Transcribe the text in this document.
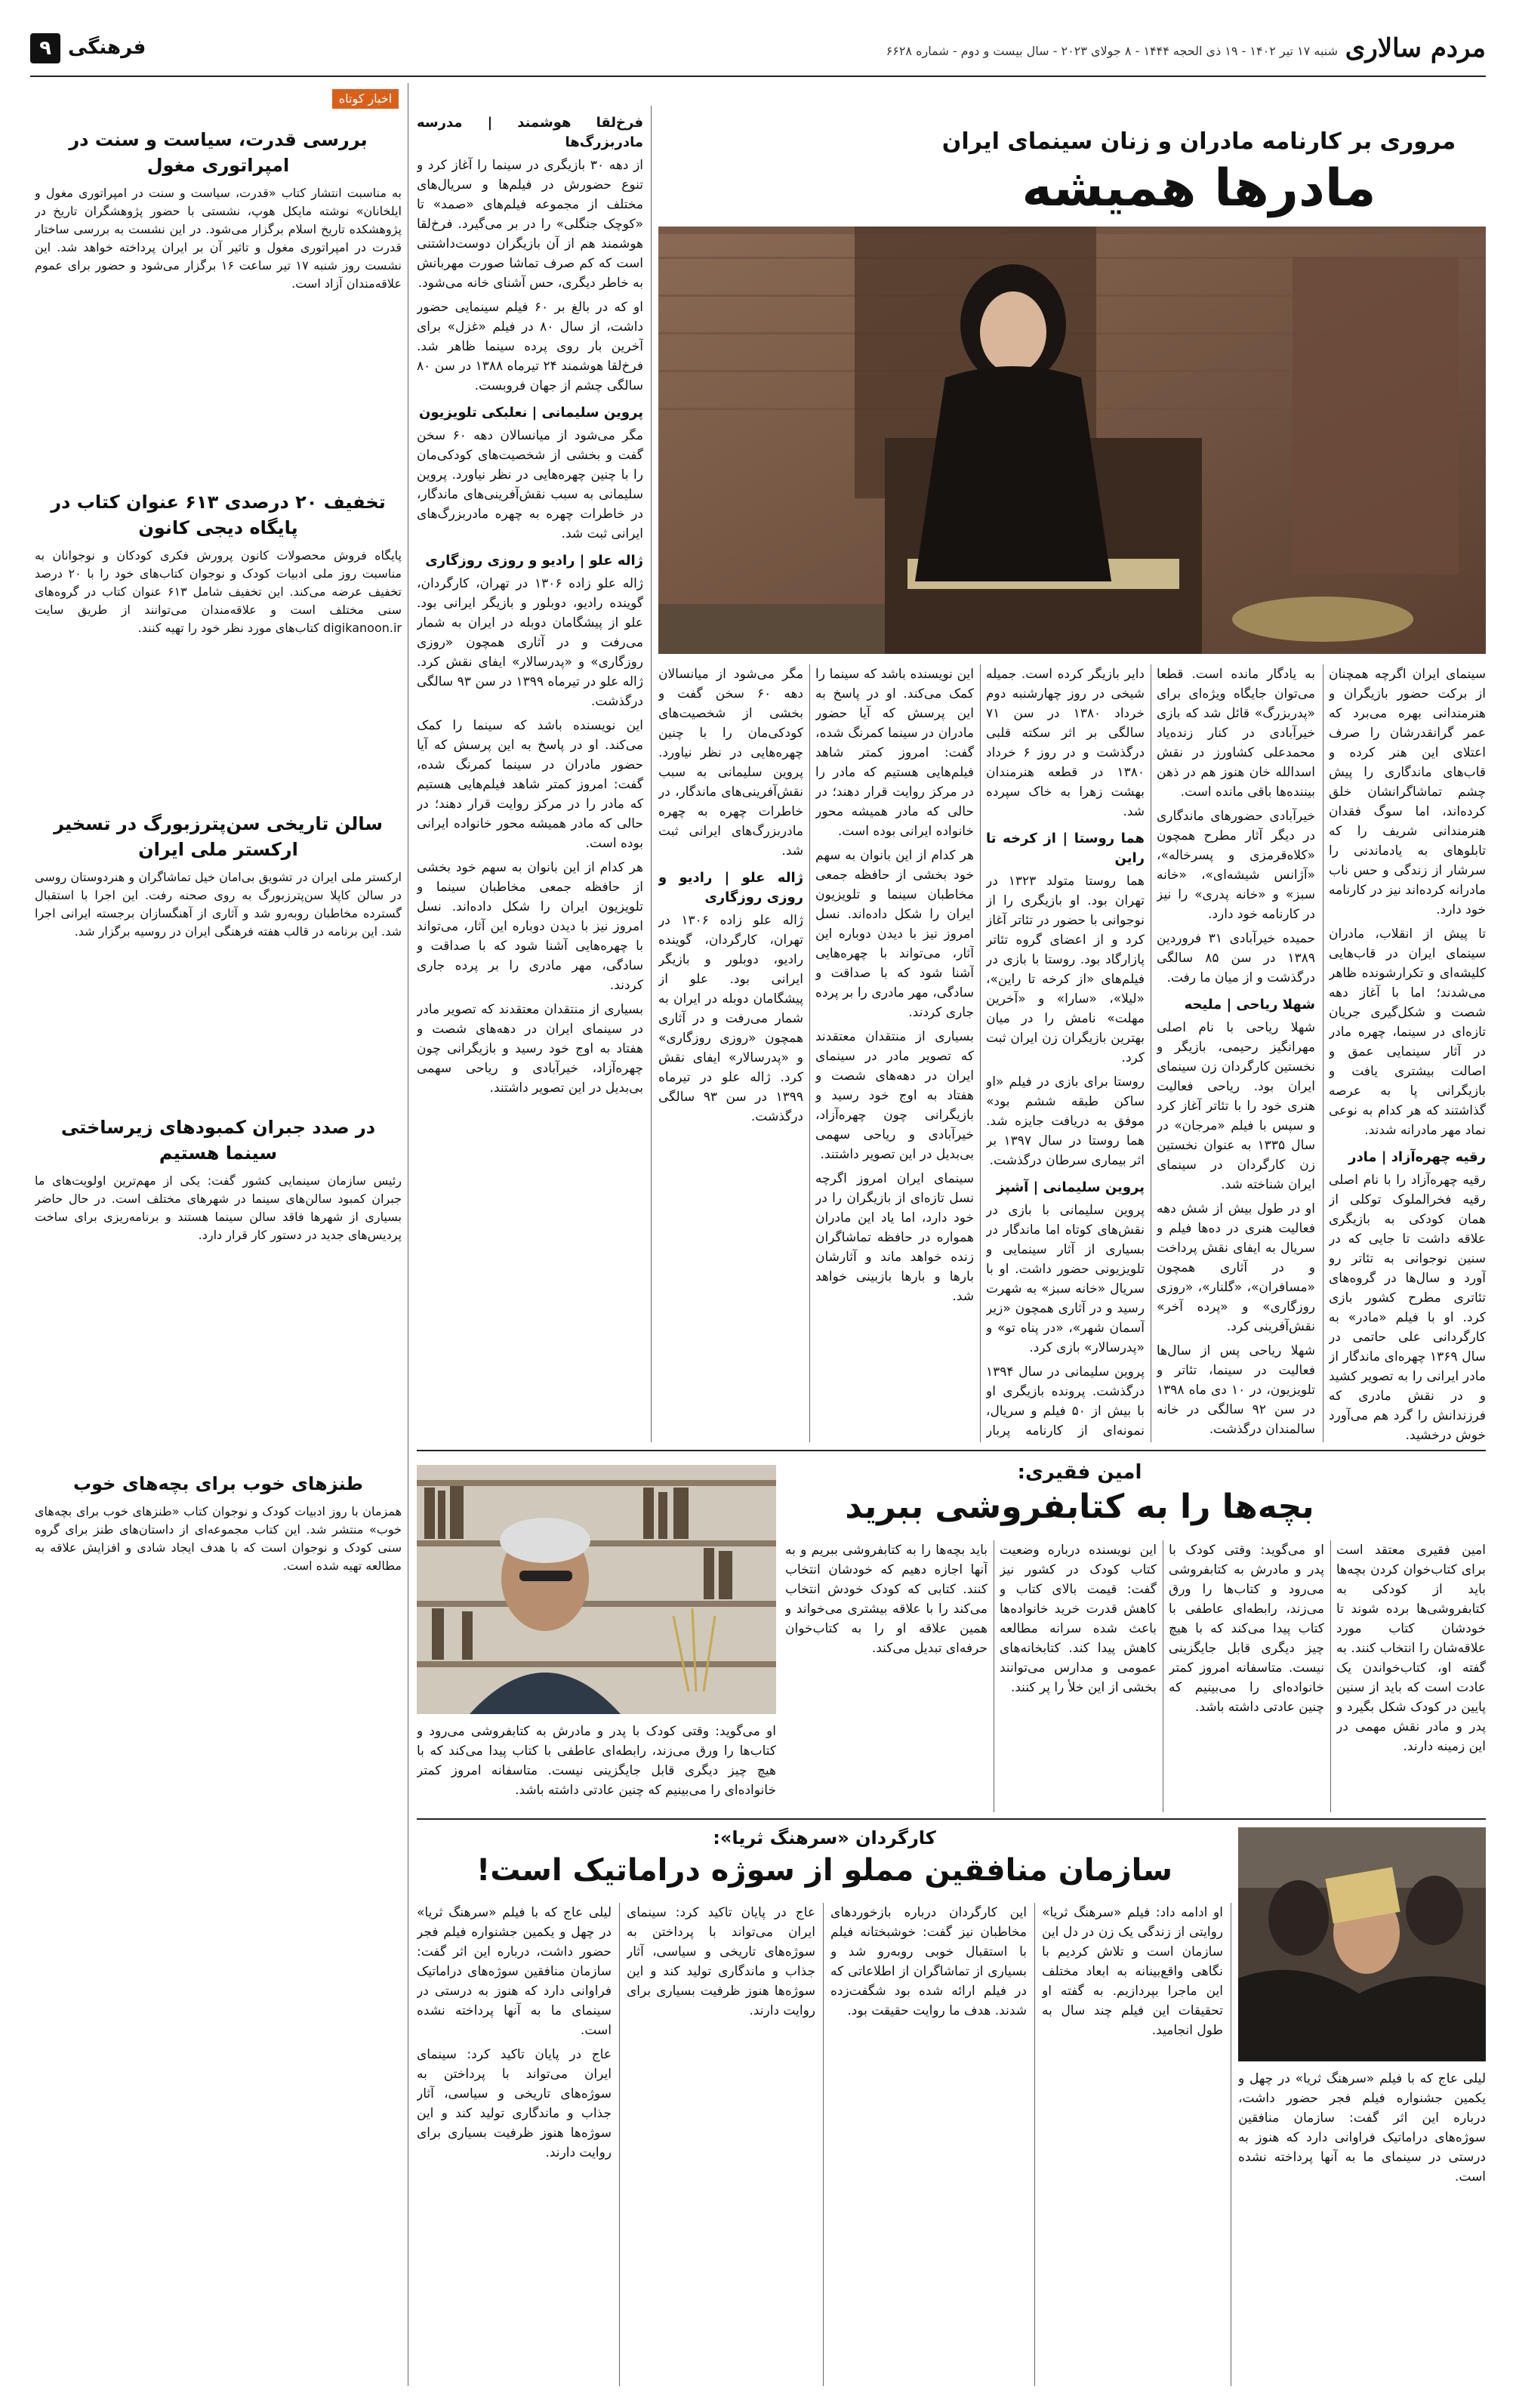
مردم سالاری
شنبه ۱۷ تیر ۱۴۰۲ - ۱۹ ذی الحجه ۱۴۴۴ - ۸ جولای ۲۰۲۳ - سال بیست و دوم - شماره ۶۶۲۸
فرهنگی
۹
اخبار کوتاه
بررسی قدرت، سیاست و سنت در امپراتوری مغول

به مناسبت انتشار کتاب «قدرت، سیاست و سنت در امپراتوری مغول و ایلخانان» نوشته مایکل هوپ، نشستی با حضور پژوهشگران تاریخ در پژوهشکده تاریخ اسلام برگزار می‌شود. در این نشست به بررسی ساختار قدرت در امپراتوری مغول و تاثیر آن بر ایران پرداخته خواهد شد. این نشست روز شنبه ۱۷ تیر ساعت ۱۶ برگزار می‌شود و حضور برای عموم علاقه‌مندان آزاد است.

تخفیف ۲۰ درصدی ۶۱۳ عنوان کتاب در پایگاه دیجی کانون

پایگاه فروش محصولات کانون پرورش فکری کودکان و نوجوانان به مناسبت روز ملی ادبیات کودک و نوجوان کتاب‌های خود را با ۲۰ درصد تخفیف عرضه می‌کند. این تخفیف شامل ۶۱۳ عنوان کتاب در گروه‌های سنی مختلف است و علاقه‌مندان می‌توانند از طریق سایت digikanoon.ir کتاب‌های مورد نظر خود را تهیه کنند.

سالن تاریخی سن‌پترزبورگ در تسخیر ارکستر ملی ایران

ارکستر ملی ایران در تشویق بی‌امان خیل تماشاگران و هنردوستان روسی در سالن کاپلا سن‌پترزبورگ به روی صحنه رفت. این اجرا با استقبال گسترده مخاطبان روبه‌رو شد و آثاری از آهنگسازان برجسته ایرانی اجرا شد. این برنامه در قالب هفته فرهنگی ایران در روسیه برگزار شد.

در صدد جبران کمبودهای زیرساختی سینما هستیم

رئیس سازمان سینمایی کشور گفت: یکی از مهم‌ترین اولویت‌های ما جبران کمبود سالن‌های سینما در شهرهای مختلف است. در حال حاضر بسیاری از شهرها فاقد سالن سینما هستند و برنامه‌ریزی برای ساخت پردیس‌های جدید در دستور کار قرار دارد.

طنزهای خوب برای بچه‌های خوب

همزمان با روز ادبیات کودک و نوجوان کتاب «طنزهای خوب برای بچه‌های خوب» منتشر شد. این کتاب مجموعه‌ای از داستان‌های طنز برای گروه سنی کودک و نوجوان است که با هدف ایجاد شادی و افزایش علاقه به مطالعه تهیه شده است.

مروری بر کارنامه مادران و زنان سینمای ایران
مادرها همیشه

سینمای ایران اگرچه همچنان از برکت حضور بازیگران و هنرمندانی بهره می‌برد که عمر گرانقدرشان را صرف اعتلای این هنر کرده و قاب‌های ماندگاری را پیش چشم تماشاگرانشان خلق کرده‌اند، اما سوگ فقدان هنرمندانی شریف را که تابلوهای به یادماندنی را سرشار از زندگی و حس ناب مادرانه کرده‌اند نیز در کارنامه خود دارد.

تا پیش از انقلاب، مادران سینمای ایران در قاب‌هایی کلیشه‌ای و تکرارشونده ظاهر می‌شدند؛ اما با آغاز دهه شصت و شکل‌گیری جریان تازه‌ای در سینما، چهره مادر در آثار سینمایی عمق و اصالت بیشتری یافت و بازیگرانی پا به عرصه گذاشتند که هر کدام به نوعی نماد مهر مادرانه شدند.

رقیه چهره‌آزاد | مادر

رقیه چهره‌آزاد را با نام اصلی رقیه فخرالملوک توکلی از همان کودکی به بازیگری علاقه داشت تا جایی که در سنین نوجوانی به تئاتر رو آورد و سال‌ها در گروه‌های تئاتری مطرح کشور بازی کرد. او با فیلم «مادر» به کارگردانی علی حاتمی در سال ۱۳۶۹ چهره‌ای ماندگار از مادر ایرانی را به تصویر کشید و در نقش مادری که فرزندانش را گرد هم می‌آورد خوش درخشید.

به یادگار مانده است. قطعا می‌توان جایگاه ویژه‌ای برای «پدربزرگ» قائل شد که بازی خیرآبادی در کنار زنده‌یاد محمدعلی کشاورز در نقش اسدالله خان هنوز هم در ذهن بیننده‌ها باقی مانده است.

خیرآبادی حضورهای ماندگاری در دیگر آثار مطرح همچون «کلاه‌قرمزی و پسرخاله»، «آژانس شیشه‌ای»، «خانه سبز» و «خانه پدری» را نیز در کارنامه خود دارد.

حمیده خیرآبادی ۳۱ فروردین ۱۳۸۹ در سن ۸۵ سالگی درگذشت و از میان ما رفت.

شهلا ریاحی | ملیحه

شهلا ریاحی با نام اصلی مهرانگیز رحیمی، بازیگر و نخستین کارگردان زن سینمای ایران بود. ریاحی فعالیت هنری خود را با تئاتر آغاز کرد و سپس با فیلم «مرجان» در سال ۱۳۳۵ به عنوان نخستین زن کارگردان در سینمای ایران شناخته شد.

او در طول بیش از شش دهه فعالیت هنری در ده‌ها فیلم و سریال به ایفای نقش پرداخت و در آثاری همچون «مسافران»، «گلنار»، «روزی روزگاری» و «پرده آخر» نقش‌آفرینی کرد.

شهلا ریاحی پس از سال‌ها فعالیت در سینما، تئاتر و تلویزیون، در ۱۰ دی ماه ۱۳۹۸ در سن ۹۲ سالگی در خانه سالمندان درگذشت.

دایر بازیگر کرده است. جمیله شیخی در روز چهارشنبه دوم خرداد ۱۳۸۰ در سن ۷۱ سالگی بر اثر سکته قلبی درگذشت و در روز ۶ خرداد ۱۳۸۰ در قطعه هنرمندان بهشت زهرا به خاک سپرده شد.

هما روستا | از کرخه تا راین

هما روستا متولد ۱۳۲۳ در تهران بود. او بازیگری را از نوجوانی با حضور در تئاتر آغاز کرد و از اعضای گروه تئاتر پازارگاد بود. روستا با بازی در فیلم‌های «از کرخه تا راین»، «لیلا»، «سارا» و «آخرین مهلت» نامش را در میان بهترین بازیگران زن ایران ثبت کرد.

روستا برای بازی در فیلم «او ساکن طبقه ششم بود» موفق به دریافت جایزه شد. هما روستا در سال ۱۳۹۷ بر اثر بیماری سرطان درگذشت.

پروین سلیمانی | آشپز

پروین سلیمانی با بازی در نقش‌های کوتاه اما ماندگار در بسیاری از آثار سینمایی و تلویزیونی حضور داشت. او با سریال «خانه سبز» به شهرت رسید و در آثاری همچون «زیر آسمان شهر»، «در پناه تو» و «پدرسالار» بازی کرد.

پروین سلیمانی در سال ۱۳۹۴ درگذشت. پرونده بازیگری او با بیش از ۵۰ فیلم و سریال، نمونه‌ای از کارنامه پربار

این نویسنده باشد که سینما را کمک می‌کند. او در پاسخ به این پرسش که آیا حضور مادران در سینما کمرنگ شده، گفت: امروز کمتر شاهد فیلم‌هایی هستیم که مادر را در مرکز روایت قرار دهند؛ در حالی که مادر همیشه محور خانواده ایرانی بوده است.

هر کدام از این بانوان به سهم خود بخشی از حافظه جمعی مخاطبان سینما و تلویزیون ایران را شکل داده‌اند. نسل امروز نیز با دیدن دوباره این آثار، می‌تواند با چهره‌هایی آشنا شود که با صداقت و سادگی، مهر مادری را بر پرده جاری کردند.

بسیاری از منتقدان معتقدند که تصویر مادر در سینمای ایران در دهه‌های شصت و هفتاد به اوج خود رسید و بازیگرانی چون چهره‌آزاد، خیرآبادی و ریاحی سهمی بی‌بدیل در این تصویر داشتند.

سینمای ایران امروز اگرچه نسل تازه‌ای از بازیگران را در خود دارد، اما یاد این مادران همواره در حافظه تماشاگران زنده خواهد ماند و آثارشان بارها و بارها بازبینی خواهد شد.

مگر می‌شود از میانسالان دهه ۶۰ سخن گفت و بخشی از شخصیت‌های کودکی‌مان را با چنین چهره‌هایی در نظر نیاورد. پروین سلیمانی به سبب نقش‌آفرینی‌های ماندگار، در خاطرات چهره به چهره مادربزرگ‌های ایرانی ثبت شد.

ژاله علو | رادیو و روزی روزگاری

ژاله علو زاده ۱۳۰۶ در تهران، کارگردان، گوینده رادیو، دوبلور و بازیگر ایرانی بود. علو از پیشگامان دوبله در ایران به شمار می‌رفت و در آثاری همچون «روزی روزگاری» و «پدرسالار» ایفای نقش کرد. ژاله علو در تیرماه ۱۳۹۹ در سن ۹۳ سالگی درگذشت.

فرخ‌لقا هوشمند | مدرسه مادربزرگ‌ها

از دهه ۳۰ بازیگری در سینما را آغاز کرد و تنوع حضورش در فیلم‌ها و سریال‌های مختلف از مجموعه فیلم‌های «صمد» تا «کوچک جنگلی» را در بر می‌گیرد. فرخ‌لقا هوشمند هم از آن بازیگران دوست‌داشتنی است که کم صرف تماشا صورت مهربانش به خاطر دیگری، حس آشنای خانه می‌شود.

او که در بالغ بر ۶۰ فیلم سینمایی حضور داشت، از سال ۸۰ در فیلم «غزل» برای آخرین بار روی پرده سینما ظاهر شد. فرخ‌لقا هوشمند ۲۴ تیرماه ۱۳۸۸ در سن ۸۰ سالگی چشم از جهان فروبست.

پروین سلیمانی | نعلبکی تلویزیون

مگر می‌شود از میانسالان دهه ۶۰ سخن گفت و بخشی از شخصیت‌های کودکی‌مان را با چنین چهره‌هایی در نظر نیاورد. پروین سلیمانی به سبب نقش‌آفرینی‌های ماندگار، در خاطرات چهره به چهره مادربزرگ‌های ایرانی ثبت شد.

ژاله علو | رادیو و روزی روزگاری

ژاله علو زاده ۱۳۰۶ در تهران، کارگردان، گوینده رادیو، دوبلور و بازیگر ایرانی بود. علو از پیشگامان دوبله در ایران به شمار می‌رفت و در آثاری همچون «روزی روزگاری» و «پدرسالار» ایفای نقش کرد. ژاله علو در تیرماه ۱۳۹۹ در سن ۹۳ سالگی درگذشت.

این نویسنده باشد که سینما را کمک می‌کند. او در پاسخ به این پرسش که آیا حضور مادران در سینما کمرنگ شده، گفت: امروز کمتر شاهد فیلم‌هایی هستیم که مادر را در مرکز روایت قرار دهند؛ در حالی که مادر همیشه محور خانواده ایرانی بوده است.

هر کدام از این بانوان به سهم خود بخشی از حافظه جمعی مخاطبان سینما و تلویزیون ایران را شکل داده‌اند. نسل امروز نیز با دیدن دوباره این آثار، می‌تواند با چهره‌هایی آشنا شود که با صداقت و سادگی، مهر مادری را بر پرده جاری کردند.

بسیاری از منتقدان معتقدند که تصویر مادر در سینمای ایران در دهه‌های شصت و هفتاد به اوج خود رسید و بازیگرانی چون چهره‌آزاد، خیرآبادی و ریاحی سهمی بی‌بدیل در این تصویر داشتند.

امین فقیری:
بچه‌ها را به کتابفروشی ببرید

امین فقیری معتقد است برای کتاب‌خوان کردن بچه‌ها باید از کودکی به کتابفروشی‌ها برده شوند تا خودشان کتاب مورد علاقه‌شان را انتخاب کنند. به گفته او، کتاب‌خواندن یک عادت است که باید از سنین پایین در کودک شکل بگیرد و پدر و مادر نقش مهمی در این زمینه دارند.

او می‌گوید: وقتی کودک با پدر و مادرش به کتابفروشی می‌رود و کتاب‌ها را ورق می‌زند، رابطه‌ای عاطفی با کتاب پیدا می‌کند که با هیچ چیز دیگری قابل جایگزینی نیست. متاسفانه امروز کمتر خانواده‌ای را می‌بینیم که چنین عادتی داشته باشد.

این نویسنده درباره وضعیت کتاب کودک در کشور نیز گفت: قیمت بالای کتاب و کاهش قدرت خرید خانواده‌ها باعث شده سرانه مطالعه کاهش پیدا کند. کتابخانه‌های عمومی و مدارس می‌توانند بخشی از این خلأ را پر کنند.

باید بچه‌ها را به کتابفروشی ببریم و به آنها اجازه دهیم که خودشان انتخاب کنند. کتابی که کودک خودش انتخاب می‌کند را با علاقه بیشتری می‌خواند و همین علاقه او را به کتاب‌خوان حرفه‌ای تبدیل می‌کند.

او می‌گوید: وقتی کودک با پدر و مادرش به کتابفروشی می‌رود و کتاب‌ها را ورق می‌زند، رابطه‌ای عاطفی با کتاب پیدا می‌کند که با هیچ چیز دیگری قابل جایگزینی نیست. متاسفانه امروز کمتر خانواده‌ای را می‌بینیم که چنین عادتی داشته باشد.

کارگردان «سرهنگ ثریا»:
سازمان منافقین مملو از سوژه دراماتیک است!

لیلی عاج که با فیلم «سرهنگ ثریا» در چهل و یکمین جشنواره فیلم فجر حضور داشت، درباره این اثر گفت: سازمان منافقین سوژه‌های دراماتیک فراوانی دارد که هنوز به درستی در سینمای ما به آنها پرداخته نشده است.

او ادامه داد: فیلم «سرهنگ ثریا» روایتی از زندگی یک زن در دل این سازمان است و تلاش کردیم با نگاهی واقع‌بینانه به ابعاد مختلف این ماجرا بپردازیم. به گفته او تحقیقات این فیلم چند سال به طول انجامید.

این کارگردان درباره بازخوردهای مخاطبان نیز گفت: خوشبختانه فیلم با استقبال خوبی روبه‌رو شد و بسیاری از تماشاگران از اطلاعاتی که در فیلم ارائه شده بود شگفت‌زده شدند. هدف ما روایت حقیقت بود.

عاج در پایان تاکید کرد: سینمای ایران می‌تواند با پرداختن به سوژه‌های تاریخی و سیاسی، آثار جذاب و ماندگاری تولید کند و این سوژه‌ها هنوز ظرفیت بسیاری برای روایت دارند.

لیلی عاج که با فیلم «سرهنگ ثریا» در چهل و یکمین جشنواره فیلم فجر حضور داشت، درباره این اثر گفت: سازمان منافقین سوژه‌های دراماتیک فراوانی دارد که هنوز به درستی در سینمای ما به آنها پرداخته نشده است.

عاج در پایان تاکید کرد: سینمای ایران می‌تواند با پرداختن به سوژه‌های تاریخی و سیاسی، آثار جذاب و ماندگاری تولید کند و این سوژه‌ها هنوز ظرفیت بسیاری برای روایت دارند.
